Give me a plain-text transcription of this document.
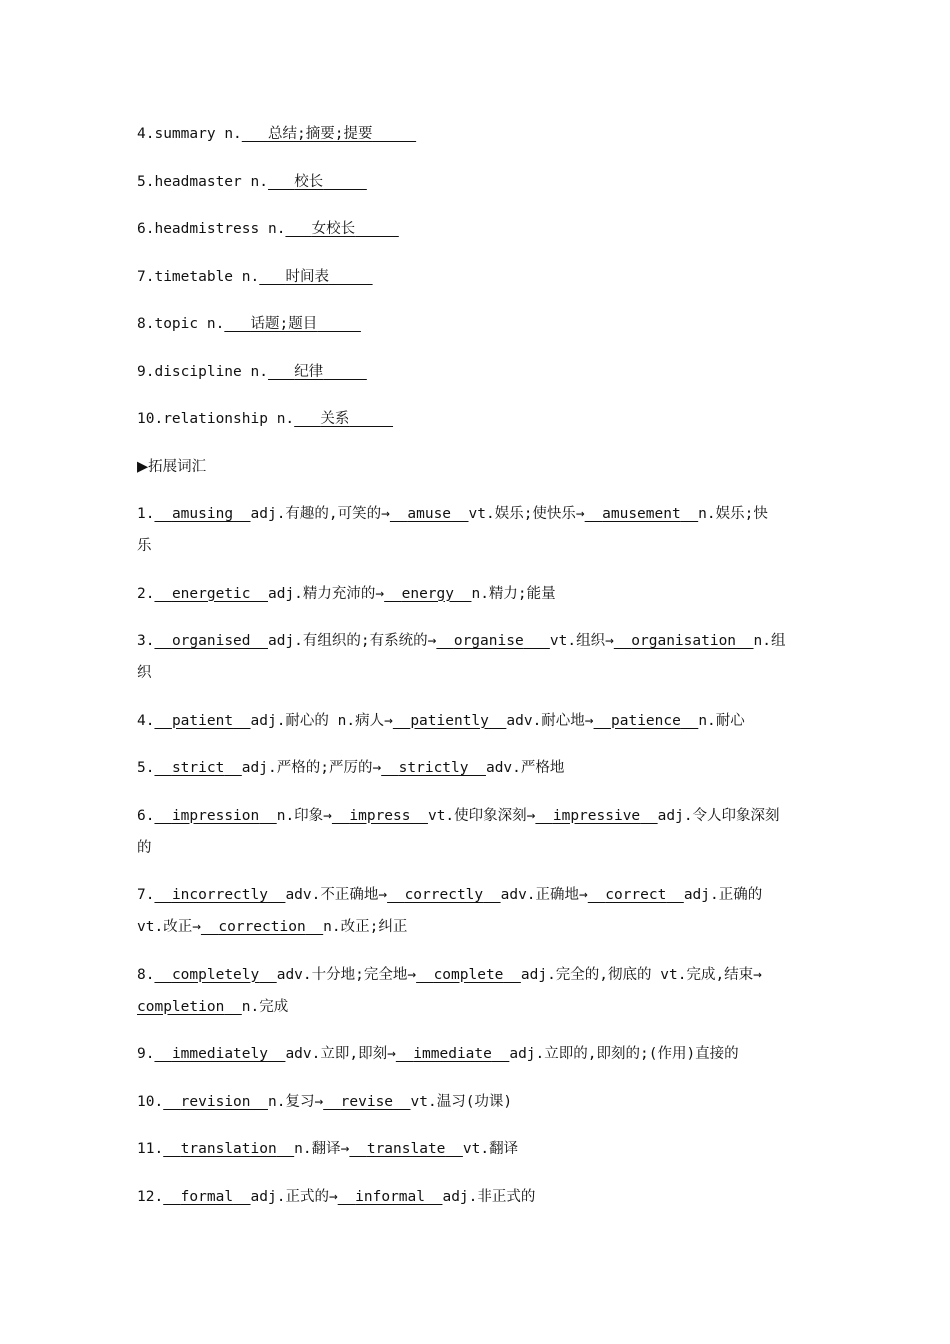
4.summary n. 总结;摘要;提要
5.headmaster n. 校长
6.headmistress n. 女校长
7.timetable n. 时间表
8.topic n. 话题;题目
9.discipline n. 纪律
10.relationship n. 关系
▶拓展词汇
1. amusing adj.有趣的,可笑的→ amuse vt.娱乐;使快乐→ amusement n.娱乐;快
乐
2. energetic adj.精力充沛的→ energy n.精力;能量
3. organised adj.有组织的;有系统的→ organise vt.组织→ organisation n.组
织
4. patient adj.耐心的 n.病人→ patiently adv.耐心地→ patience n.耐心
5. strict adj.严格的;严厉的→ strictly adv.严格地
6. impression n.印象→ impress vt.使印象深刻→ impressive adj.令人印象深刻
的
7. incorrectly adv.不正确地→ correctly adv.正确地→ correct adj.正确的
vt.改正→ correction n.改正;纠正
8. completely adv.十分地;完全地→ complete adj.完全的,彻底的 vt.完成,结束→
completion n.完成
9. immediately adv.立即,即刻→ immediate adj.立即的,即刻的;(作用)直接的
10. revision n.复习→ revise vt.温习(功课)
11. translation n.翻译→ translate vt.翻译
12. formal adj.正式的→ informal adj.非正式的
